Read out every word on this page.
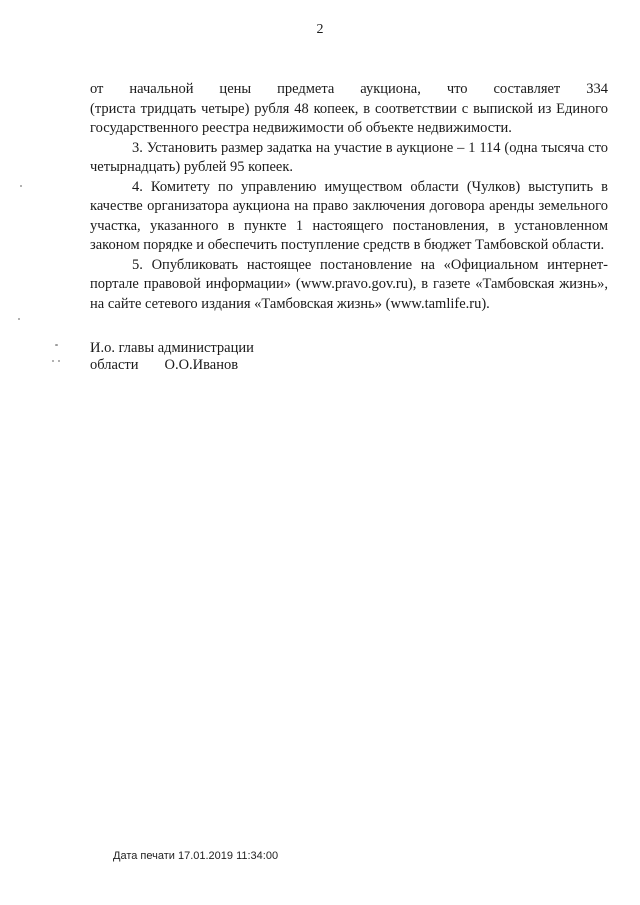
2

от начальной цены предмета аукциона, что составляет 334

(триста тридцать четыре) рубля 48 копеек, в соответствии с выпиской из Единого государственного реестра недвижимости об объекте недвижимости.

3. Установить размер задатка на участие в аукционе – 1 114 (одна тысяча сто четырнадцать) рублей 95 копеек.

4. Комитету по управлению имуществом области (Чулков) выступить в качестве организатора аукциона на право заключения договора аренды земельного участка, указанного в пункте 1 настоящего постановления, в установленном законом порядке и обеспечить поступление средств в бюджет Тамбовской области.

5. Опубликовать настоящее постановление на «Официальном интернет-портале правовой информации» (www.pravo.gov.ru), в газете «Тамбовская жизнь», на сайте сетевого издания «Тамбовская жизнь» (www.tamlife.ru).

И.о. главы администрации
области О.О.Иванов
Дата печати 17.01.2019 11:34:00
